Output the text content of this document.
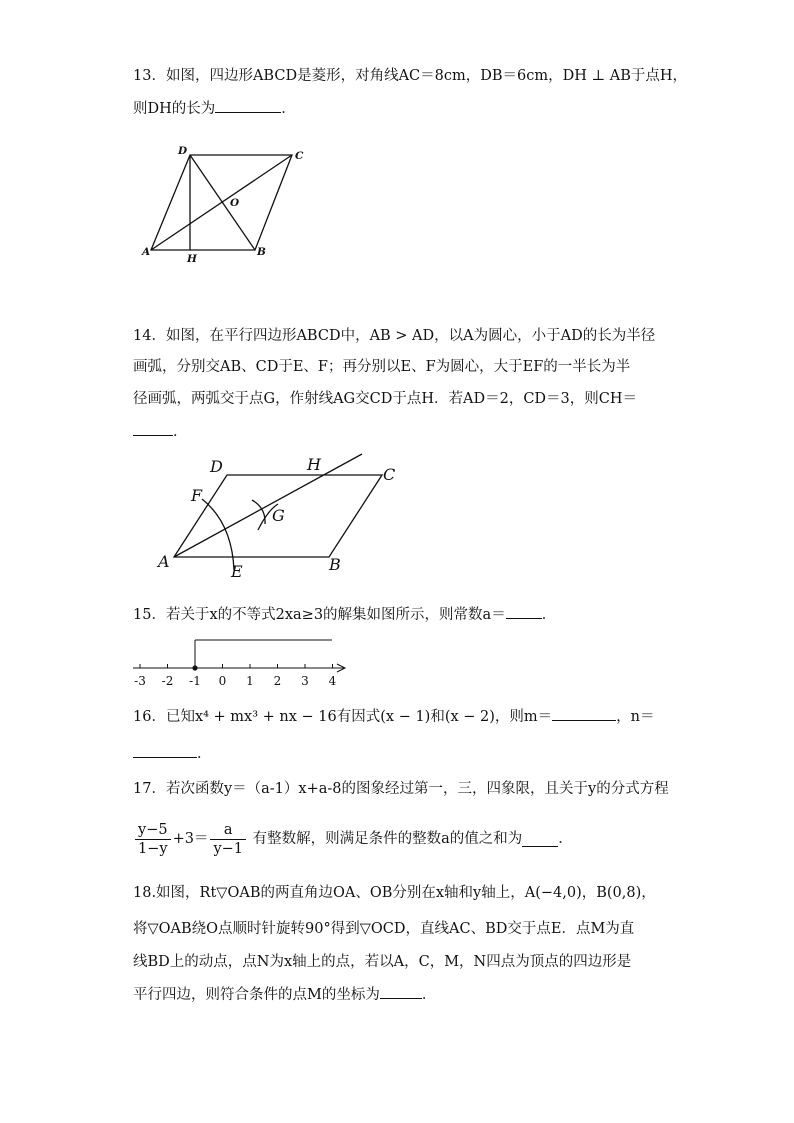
13．如图，四边形ABCD是菱形，对角线AC＝8cm，DB＝6cm，DH ⊥ AB于点H，
则DH的长为	．
D	C
O
A
H
B
14．如图，在平行四边形ABCD中，AB > AD，以A为圆心，小于AD的长为半径
画弧，分别交AB、CD于E、F；再分别以E、F为圆心，大于EF的一半长为半
径画弧，两弧交于点G，作射线AG交CD于点H．若AD＝2，CD＝3，则CH＝
．
D	H
C
F
G
A
E	B
15．若关于x的不等式2xa≥3的解集如图所示，则常数a＝ ．
-3 -2 -1 0 1 2 3 4
16．已知x⁴ + mx³ + nx − 16有因式(x − 1)和(x − 2)，则m＝	，n＝
．
17．若次函数y＝（a-1）x+a-8的图象经过第一，三，四象限，且关于y的分式方程
$\frac{y-5}{1-y} +3= \frac{a}{y-1}$ 有整数解，则满足条件的整数a的值之和为 ．
18.如图，Rt▽OAB的两直角边OA、OB分别在x轴和y轴上，A(−4,0)，B(0,8)，
将▽OAB绕O点顺时针旋转90°得到▽OCD，直线AC、BD交于点E．点M为直
线BD上的动点，点N为x轴上的点，若以A，C，M，N四点为顶点的四边形是
平行四边，则符合条件的点M的坐标为	．
